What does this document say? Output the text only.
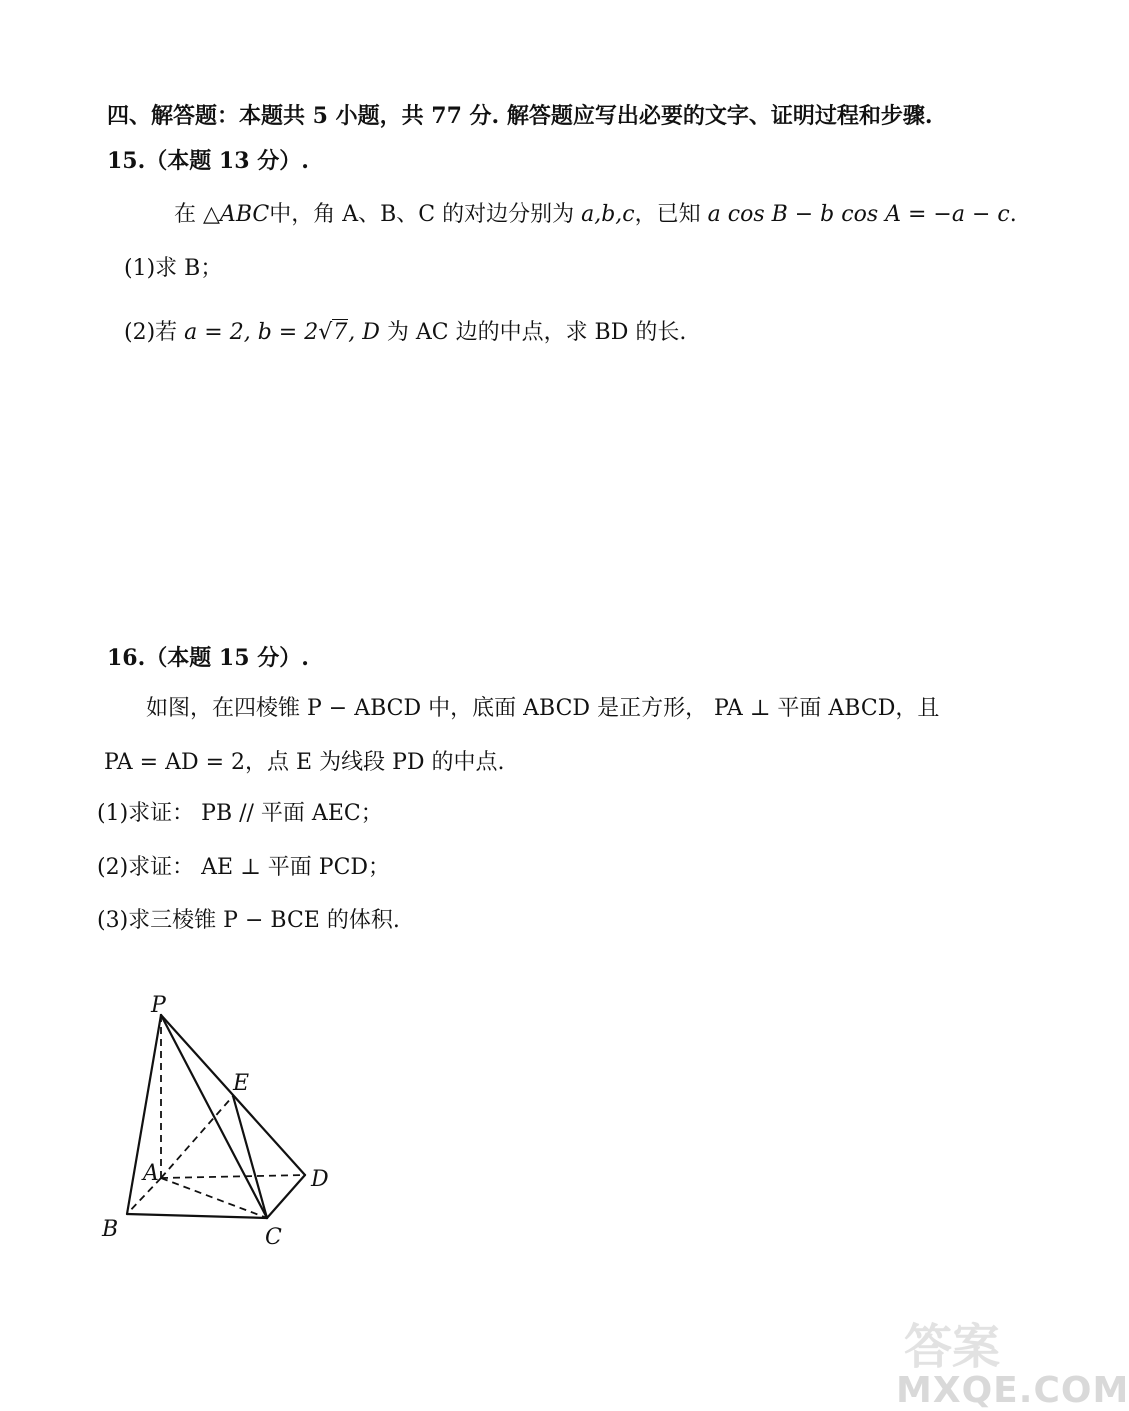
四、解答题：本题共 5 小题，共 77 分. 解答题应写出必要的文字、证明过程和步骤.
15.（本题 13 分）.
在 △ABC中，角 A、B、C 的对边分别为 a,b,c，已知 a cos B − b cos A = −a − c.
(1)求 B；
(2)若 a = 2, b = 2√7, D 为 AC 边的中点，求 BD 的长.
16.（本题 15 分）.
如图，在四棱锥 P − ABCD 中，底面 ABCD 是正方形， PA ⊥ 平面 ABCD，且
PA = AD = 2，点 E 为线段 PD 的中点.
(1)求证： PB // 平面 AEC；
(2)求证： AE ⊥ 平面 PCD；
(3)求三棱锥 P − BCE 的体积.
P
E
A	D
B	C
答案
MXQE.COM
